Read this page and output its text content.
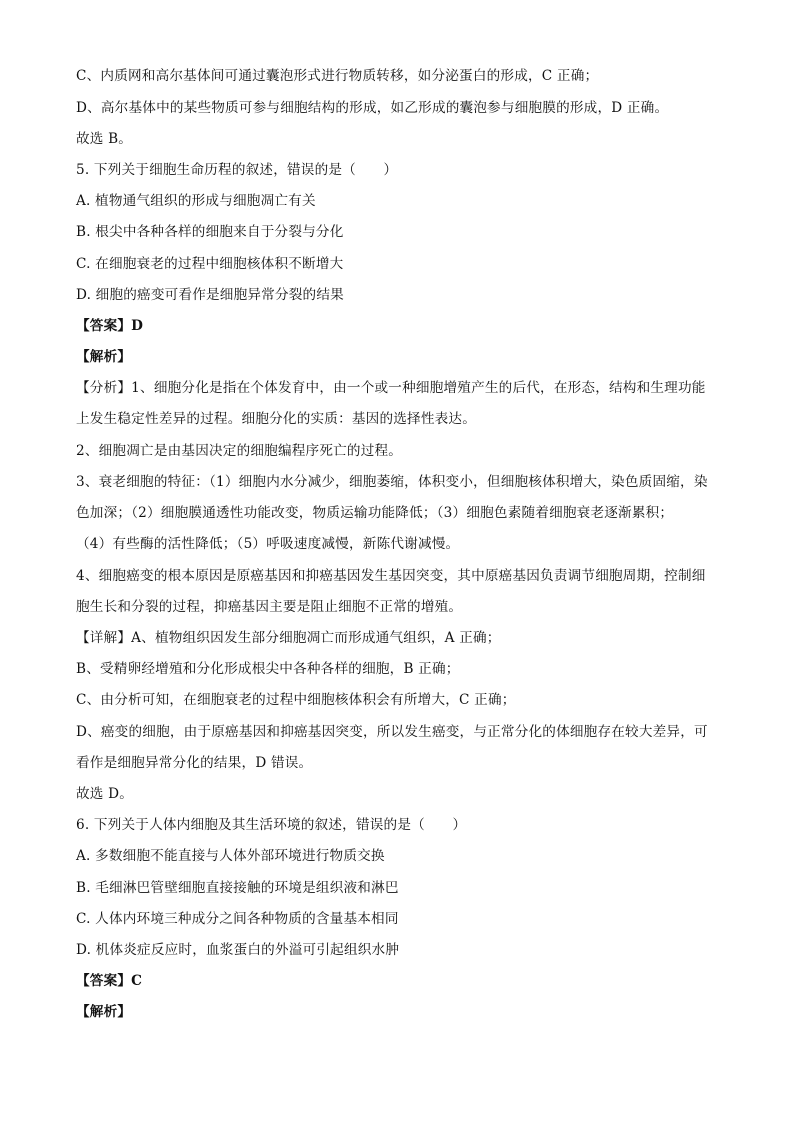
C、内质网和高尔基体间可通过囊泡形式进行物质转移，如分泌蛋白的形成，C 正确；
D、高尔基体中的某些物质可参与细胞结构的形成，如乙形成的囊泡参与细胞膜的形成，D 正确。
故选 B。
5. 下列关于细胞生命历程的叙述，错误的是（　　）
A. 植物通气组织的形成与细胞凋亡有关
B. 根尖中各种各样的细胞来自于分裂与分化
C. 在细胞衰老的过程中细胞核体积不断增大
D. 细胞的癌变可看作是细胞异常分裂的结果
【答案】D
【解析】
【分析】1、细胞分化是指在个体发育中，由一个或一种细胞增殖产生的后代，在形态，结构和生理功能
上发生稳定性差异的过程。细胞分化的实质：基因的选择性表达。
2、细胞凋亡是由基因决定的细胞编程序死亡的过程。
3、衰老细胞的特征：（1）细胞内水分减少，细胞萎缩，体积变小，但细胞核体积增大，染色质固缩，染
色加深；（2）细胞膜通透性功能改变，物质运输功能降低；（3）细胞色素随着细胞衰老逐渐累积；
（4）有些酶的活性降低；（5）呼吸速度减慢，新陈代谢减慢。
4、细胞癌变的根本原因是原癌基因和抑癌基因发生基因突变，其中原癌基因负责调节细胞周期，控制细
胞生长和分裂的过程，抑癌基因主要是阻止细胞不正常的增殖。
【详解】A、植物组织因发生部分细胞凋亡而形成通气组织，A 正确；
B、受精卵经增殖和分化形成根尖中各种各样的细胞，B 正确；
C、由分析可知，在细胞衰老的过程中细胞核体积会有所增大，C 正确；
D、癌变的细胞，由于原癌基因和抑癌基因突变，所以发生癌变，与正常分化的体细胞存在较大差异，可
看作是细胞异常分化的结果，D 错误。
故选 D。
6. 下列关于人体内细胞及其生活环境的叙述，错误的是（　　）
A. 多数细胞不能直接与人体外部环境进行物质交换
B. 毛细淋巴管壁细胞直接接触的环境是组织液和淋巴
C. 人体内环境三种成分之间各种物质的含量基本相同
D. 机体炎症反应时，血浆蛋白的外溢可引起组织水肿
【答案】C
【解析】
